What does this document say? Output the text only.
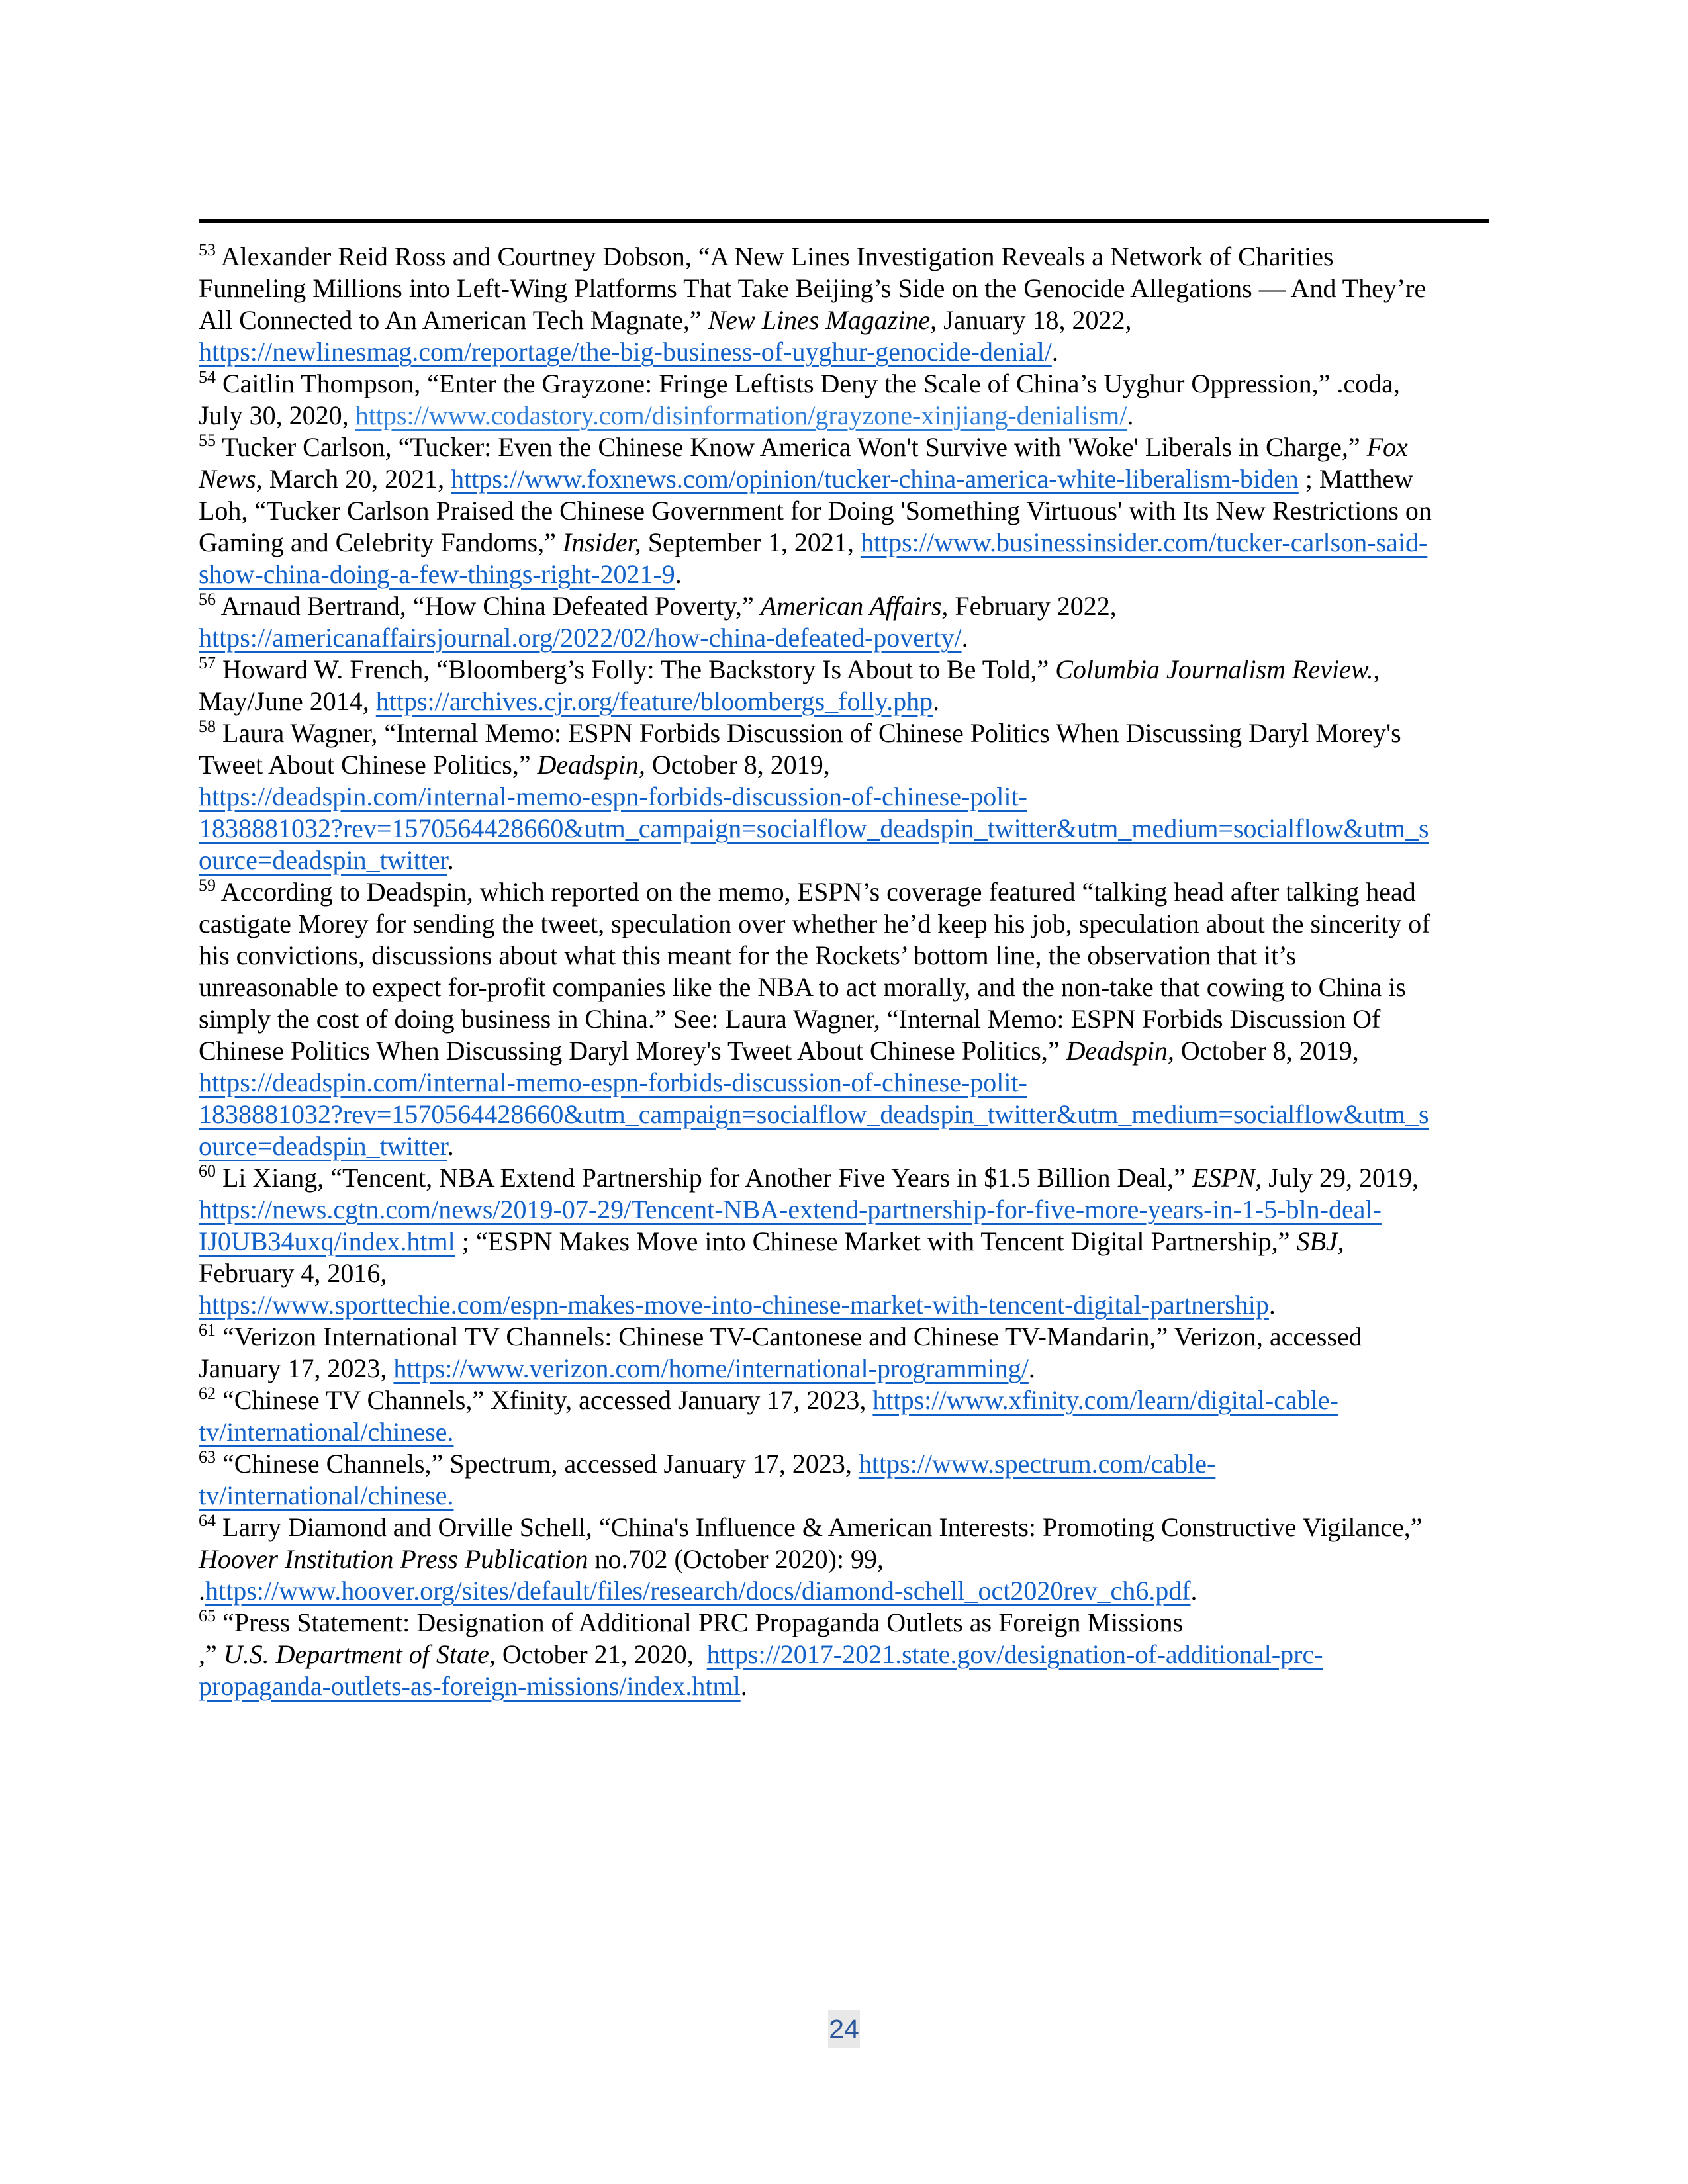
$^{53}$ Alexander Reid Ross and Courtney Dobson, “A New Lines Investigation Reveals a Network of Charities
Funneling Millions into Left-Wing Platforms That Take Beijing’s Side on the Genocide Allegations — And They’re
All Connected to An American Tech Magnate,” New Lines Magazine, January 18, 2022,
https://newlinesmag.com/reportage/the-big-business-of-uyghur-genocide-denial/.
$^{54}$ Caitlin Thompson, “Enter the Grayzone: Fringe Leftists Deny the Scale of China’s Uyghur Oppression,” .coda,
July 30, 2020, https://www.codastory.com/disinformation/grayzone-xinjiang-denialism/.
$^{55}$ Tucker Carlson, “Tucker: Even the Chinese Know America Won't Survive with 'Woke' Liberals in Charge,” Fox
News, March 20, 2021, https://www.foxnews.com/opinion/tucker-china-america-white-liberalism-biden ; Matthew
Loh, “Tucker Carlson Praised the Chinese Government for Doing 'Something Virtuous' with Its New Restrictions on
Gaming and Celebrity Fandoms,” Insider, September 1, 2021, https://www.businessinsider.com/tucker-carlson-said-
show-china-doing-a-few-things-right-2021-9.
$^{56}$ Arnaud Bertrand, “How China Defeated Poverty,” American Affairs, February 2022,
https://americanaffairsjournal.org/2022/02/how-china-defeated-poverty/.
$^{57}$ Howard W. French, “Bloomberg’s Folly: The Backstory Is About to Be Told,” Columbia Journalism Review.,
May/June 2014, https://archives.cjr.org/feature/bloombergs_folly.php.
$^{58}$ Laura Wagner, “Internal Memo: ESPN Forbids Discussion of Chinese Politics When Discussing Daryl Morey's
Tweet About Chinese Politics,” Deadspin, October 8, 2019,
https://deadspin.com/internal-memo-espn-forbids-discussion-of-chinese-polit-
1838881032?rev=1570564428660&utm_campaign=socialflow_deadspin_twitter&utm_medium=socialflow&utm_s
ource=deadspin_twitter.
$^{59}$ According to Deadspin, which reported on the memo, ESPN’s coverage featured “talking head after talking head
castigate Morey for sending the tweet, speculation over whether he’d keep his job, speculation about the sincerity of
his convictions, discussions about what this meant for the Rockets’ bottom line, the observation that it’s
unreasonable to expect for-profit companies like the NBA to act morally, and the non-take that cowing to China is
simply the cost of doing business in China.” See: Laura Wagner, “Internal Memo: ESPN Forbids Discussion Of
Chinese Politics When Discussing Daryl Morey's Tweet About Chinese Politics,” Deadspin, October 8, 2019,
https://deadspin.com/internal-memo-espn-forbids-discussion-of-chinese-polit-
1838881032?rev=1570564428660&utm_campaign=socialflow_deadspin_twitter&utm_medium=socialflow&utm_s
ource=deadspin_twitter.
$^{60}$ Li Xiang, “Tencent, NBA Extend Partnership for Another Five Years in $1.5 Billion Deal,” ESPN, July 29, 2019,
https://news.cgtn.com/news/2019-07-29/Tencent-NBA-extend-partnership-for-five-more-years-in-1-5-bln-deal-
IJ0UB34uxq/index.html ; “ESPN Makes Move into Chinese Market with Tencent Digital Partnership,” SBJ,
February 4, 2016,
https://www.sporttechie.com/espn-makes-move-into-chinese-market-with-tencent-digital-partnership.
$^{61}$ “Verizon International TV Channels: Chinese TV-Cantonese and Chinese TV-Mandarin,” Verizon, accessed
January 17, 2023, https://www.verizon.com/home/international-programming/.
$^{62}$ “Chinese TV Channels,” Xfinity, accessed January 17, 2023, https://www.xfinity.com/learn/digital-cable-
tv/international/chinese.
$^{63}$ “Chinese Channels,” Spectrum, accessed January 17, 2023, https://www.spectrum.com/cable-
tv/international/chinese.
$^{64}$ Larry Diamond and Orville Schell, “China's Influence & American Interests: Promoting Constructive Vigilance,”
Hoover Institution Press Publication no.702 (October 2020): 99,
.https://www.hoover.org/sites/default/files/research/docs/diamond-schell_oct2020rev_ch6.pdf.
$^{65}$ “Press Statement: Designation of Additional PRC Propaganda Outlets as Foreign Missions
,” U.S. Department of State, October 21, 2020,  https://2017-2021.state.gov/designation-of-additional-prc-
propaganda-outlets-as-foreign-missions/index.html.
24
